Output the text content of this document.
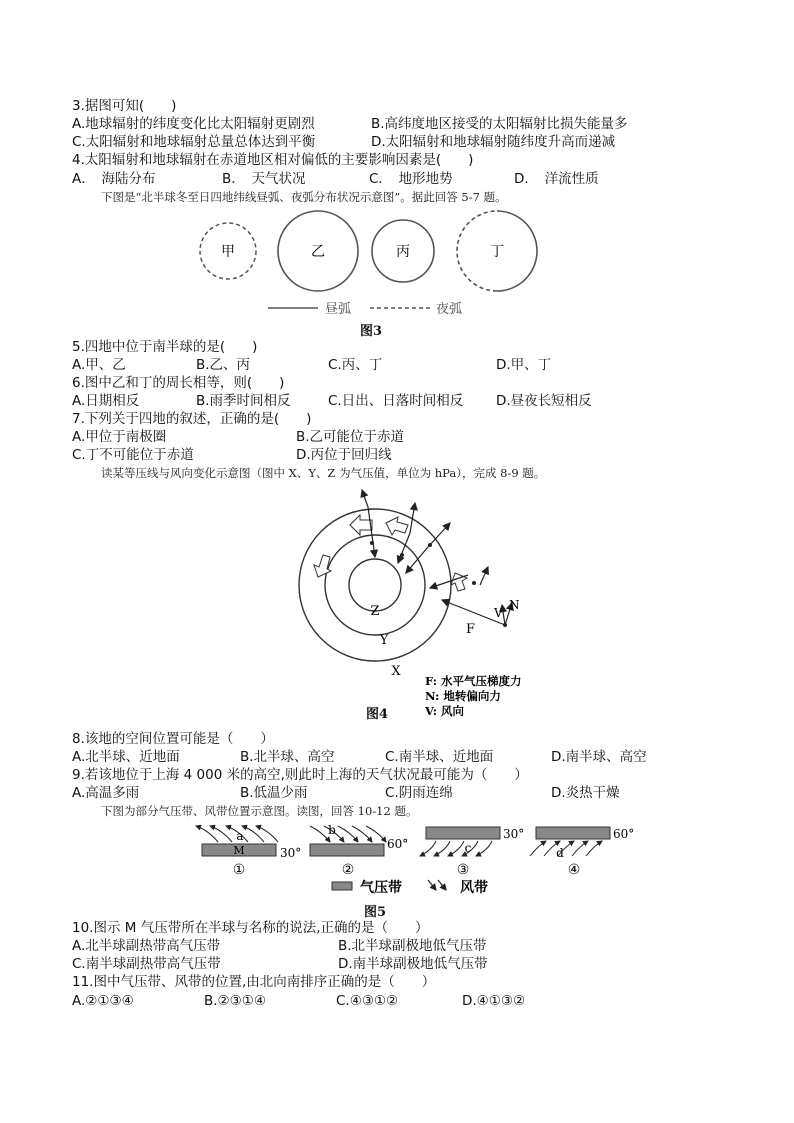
3.据图可知(　　)
A.地球辐射的纬度变化比太阳辐射更剧烈	B.高纬度地区接受的太阳辐射比损失能量多
C.太阳辐射和地球辐射总量总体达到平衡	D.太阳辐射和地球辐射随纬度升高而递减
4.太阳辐射和地球辐射在赤道地区相对偏低的主要影响因素是(　　)
A．　海陆分布	B．　天气状况	C．　地形地势	D．　洋流性质
下图是“北半球冬至日四地纬线昼弧、夜弧分布状况示意图”。据此回答 5-7 题。
甲	乙	丙	丁
昼弧	夜弧
图3
5.四地中位于南半球的是(　　)
A.甲、乙	B.乙、丙	C.丙、丁	D.甲、丁
6.图中乙和丁的周长相等，则(　　)
A.日期相反	B.雨季时间相反	C.日出、日落时间相反 D.昼夜长短相反
7.下列关于四地的叙述，正确的是(　　)
A.甲位于南极圈	B.乙可能位于赤道
C.丁不可能位于赤道	D.丙位于回归线
读某等压线与风向变化示意图（图中 X、Y、Z 为气压值，单位为 hPa），完成 8-9 题。
Z
Y
X
F
V
N
F: 水平气压梯度力
N: 地转偏向力
V: 风向
图4
8.该地的空间位置可能是（　　）
A.北半球、近地面	B.北半球、高空	C.南半球、近地面	D.南半球、高空
9.若该地位于上海 4 000 米的高空,则此时上海的天气状况最可能为（　　）
A.高温多雨	B.低温少雨	C.阴雨连绵	D.炎热干燥
下图为部分气压带、风带位置示意图。读图，回答 10-12 题。
M	30°
a
①
60°
b
②
30°
c
③
60°
d
④
气压带	风带
图5
10.图示 M 气压带所在半球与名称的说法,正确的是（　　）
A.北半球副热带高气压带	B.北半球副极地低气压带
C.南半球副热带高气压带	D.南半球副极地低气压带
11.图中气压带、风带的位置,由北向南排序正确的是（　　）
A.②①③④	B.②③①④	C.④③①②	D.④①③②
